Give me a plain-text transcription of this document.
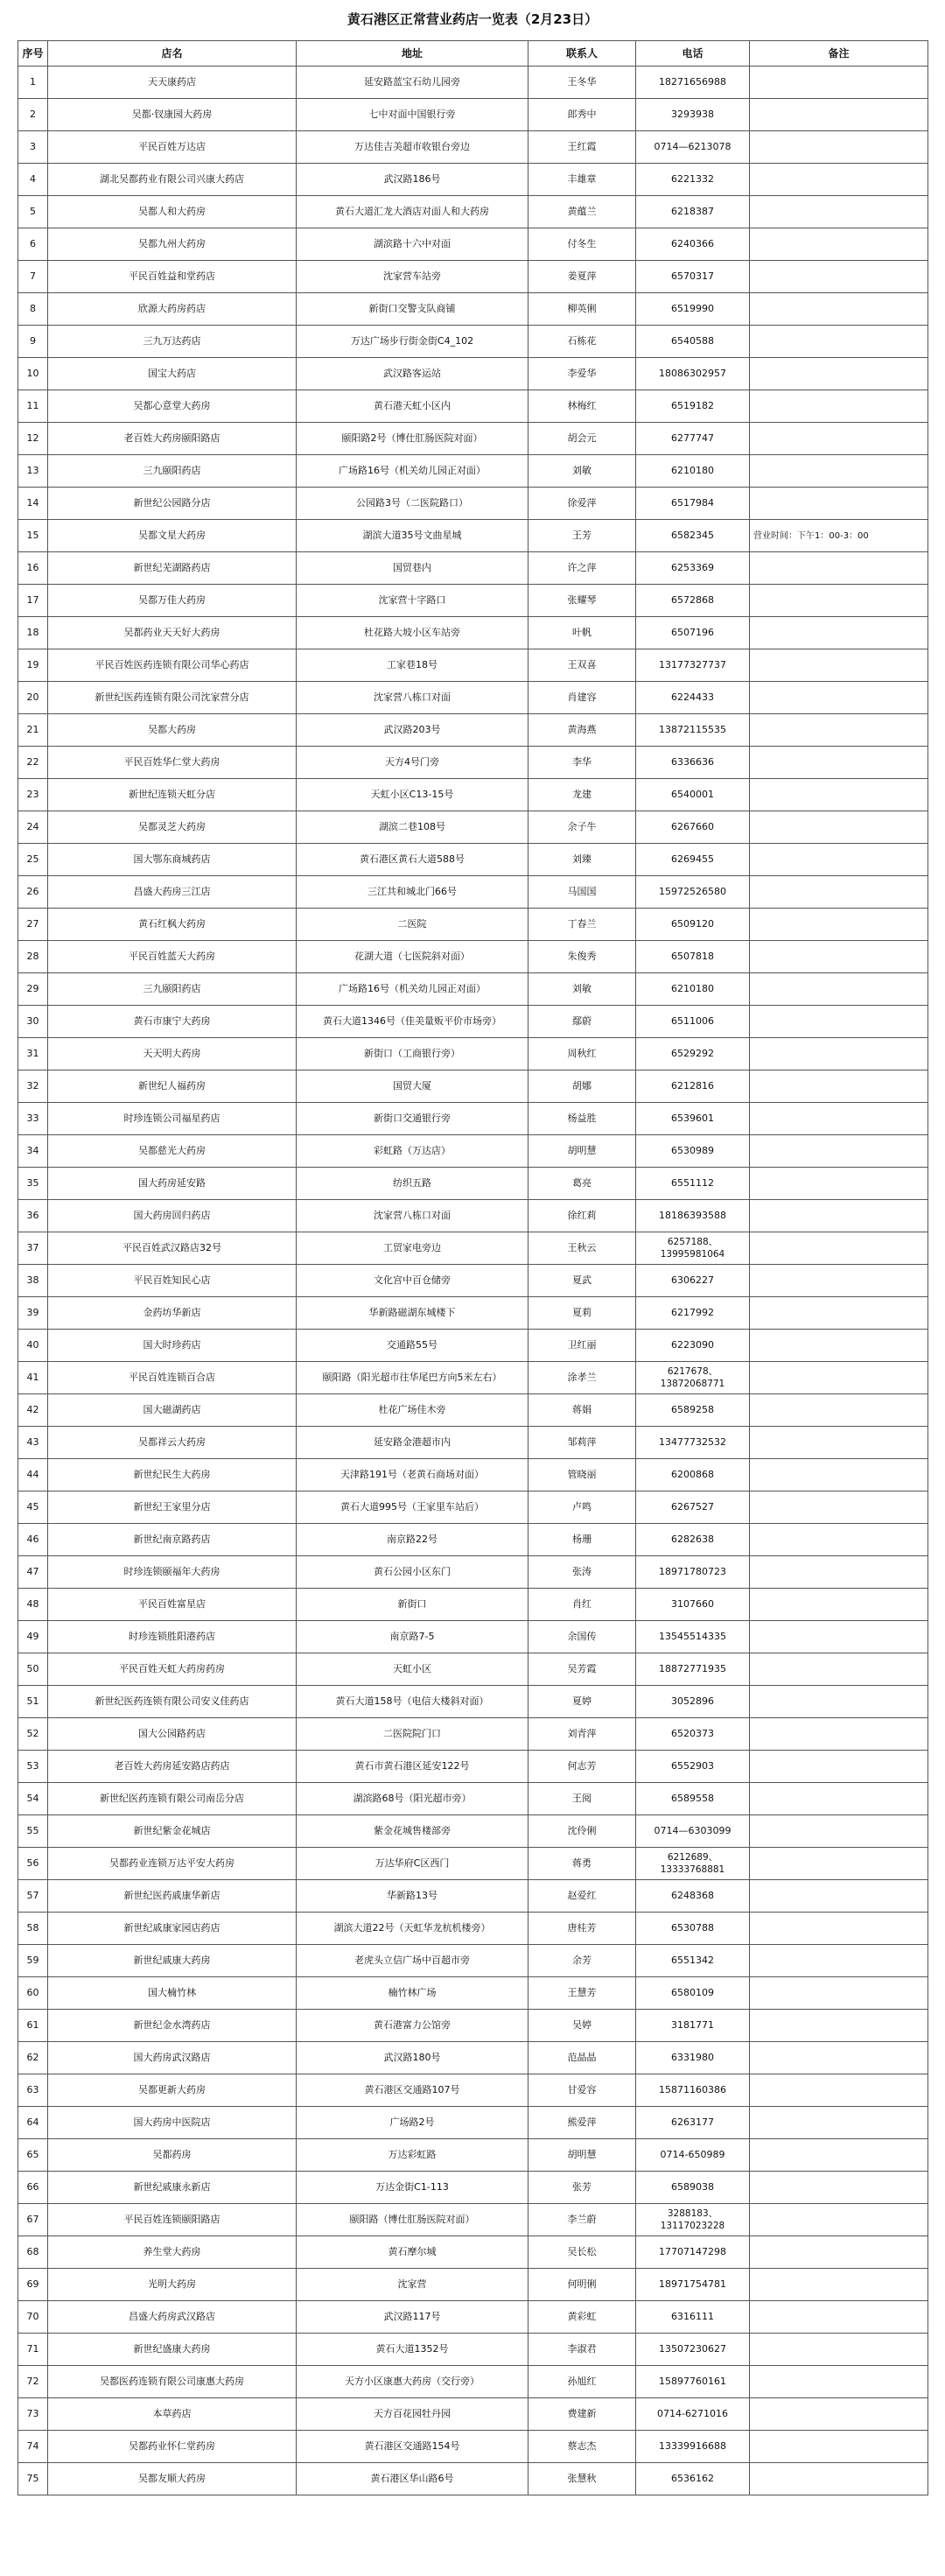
黄石港区正常营业药店一览表（2月23日）
序号	店名	地址	联系人	电话	备注
1	天天康药店	延安路蓝宝石幼儿园旁	王冬华	18271656988	
2	吴都·钗康园大药房	七中对面中国银行旁	郎秀中	3293938	
3	平民百姓万达店	万达佳吉美超市收银台旁边	王红霞	0714—6213078	
4	湖北吴都药业有限公司兴康大药店	武汉路186号	丰雄章	6221332	
5	吴都人和大药房	黄石大道汇龙大酒店对面人和大药房	黄蕴兰	6218387	
6	吴都九州大药房	湖滨路十六中对面	付冬生	6240366	
7	平民百姓益和堂药店	沈家营车站旁	姜夏萍	6570317	
8	欣源大药房药店	新街口交警支队商铺	柳英俐	6519990	
9	三九万达药店	万达广场步行街金街C4_102	石栋花	6540588	
10	国宝大药店	武汉路客运站	李爱华	18086302957	
11	吴都心意堂大药房	黄石港天虹小区内	林梅红	6519182	
12	老百姓大药房颐阳路店	颐阳路2号（博仕肛肠医院对面）	胡会元	6277747	
13	三九颐阳药店	广场路16号（机关幼儿园正对面）	刘敏	6210180	
14	新世纪公园路分店	公园路3号（二医院路口）	徐爱萍	6517984	
15	吴都文星大药房	湖滨大道35号文曲星城	王芳	6582345	营业时间：下午1：00-3：00
16	新世纪芜湖路药店	国贸巷内	许之萍	6253369	
17	吴都万佳大药房	沈家营十字路口	张耀琴	6572868	
18	吴都药业天天好大药房	杜花路大坡小区车站旁	叶帆	6507196	
19	平民百姓医药连锁有限公司华心药店	工家巷18号	王双喜	13177327737	
20	新世纪医药连锁有限公司沈家营分店	沈家营八栋口对面	肖建容	6224433	
21	吴都大药房	武汉路203号	黄海燕	13872115535	
22	平民百姓华仁堂大药房	天方4号门旁	李华	6336636	
23	新世纪连锁天虹分店	天虹小区C13-15号	龙建	6540001	
24	吴都灵芝大药房	湖滨二巷108号	余子牛	6267660	
25	国大鄂东商城药店	黄石港区黄石大道588号	刘臻	6269455	
26	昌盛大药房三江店	三江共和城北门66号	马国国	15972526580	
27	黄石红枫大药房	二医院	丁春兰	6509120	
28	平民百姓蓝天大药房	花湖大道（七医院斜对面）	朱俊秀	6507818	
29	三九颐阳药店	广场路16号（机关幼儿园正对面）	刘敏	6210180	
30	黄石市康宁大药房	黄石大道1346号（佳美量贩平价市场旁）	鄢蔚	6511006	
31	天天明大药房	新街口（工商银行旁）	周秋红	6529292	
32	新世纪人福药房	国贸大厦	胡娜	6212816	
33	时珍连锁公司福星药店	新街口交通银行旁	杨益胜	6539601	
34	吴都慈光大药房	彩虹路（万达店）	胡明慧	6530989	
35	国大药房延安路	纺织五路	葛亮	6551112	
36	国大药房回归药店	沈家营八栋口对面	徐红莉	18186393588	
37	平民百姓武汉路店32号	工贸家电旁边	王秋云	6257188、13995981064	
38	平民百姓知民心店	文化宫中百仓储旁	夏武	6306227	
39	金药坊华新店	华新路磁湖东城楼下	夏莉	6217992	
40	国大时珍药店	交通路55号	卫红丽	6223090	
41	平民百姓连锁百合店	颐阳路（阳光超市往华尾巴方向5米左右）	涂孝兰	6217678、13872068771	
42	国大磁湖药店	杜花广场佳木旁	蒋娟	6589258	
43	吴都祥云大药房	延安路金港超市内	邹莉萍	13477732532	
44	新世纪民生大药房	天津路191号（老黄石商场对面）	管晓丽	6200868	
45	新世纪王家里分店	黄石大道995号（王家里车站后）	卢鸣	6267527	
46	新世纪南京路药店	南京路22号	杨珊	6282638	
47	时珍连锁颐福年大药房	黄石公园小区东门	张涛	18971780723	
48	平民百姓富星店	新街口	肖红	3107660	
49	时珍连锁胜阳港药店	南京路7-5	余国传	13545514335	
50	平民百姓天虹大药房药房	天虹小区	吴芳霞	18872771935	
51	新世纪医药连锁有限公司安义佳药店	黄石大道158号（电信大楼斜对面）	夏婷	3052896	
52	国大公园路药店	二医院院门口	刘青萍	6520373	
53	老百姓大药房延安路店药店	黄石市黄石港区延安122号	何志芳	6552903	
54	新世纪医药连锁有限公司南岳分店	湖滨路68号（阳光超市旁）	王阅	6589558	
55	新世纪紫金花城店	紫金花城售楼部旁	沈伶俐	0714—6303099	
56	吴都药业连锁万达平安大药房	万达华府C区西门	蒋勇	6212689、13333768881	
57	新世纪医药戚康华新店	华新路13号	赵爱红	6248368	
58	新世纪戚康家园店药店	湖滨大道22号（天虹华龙杭机楼旁）	唐桂芳	6530788	
59	新世纪戚康大药房	老虎头立信广场中百超市旁	余芳	6551342	
60	国大楠竹林	楠竹林广场	王慧芳	6580109	
61	新世纪金水湾药店	黄石港富力公馆旁	吴婷	3181771	
62	国大药房武汉路店	武汉路180号	范晶晶	6331980	
63	吴都更新大药房	黄石港区交通路107号	甘爱容	15871160386	
64	国大药房中医院店	广场路2号	熊爱萍	6263177	
65	吴都药房	万达彩虹路	胡明慧	0714-650989	
66	新世纪戚康永新店	万达金街C1-113	张芳	6589038	
67	平民百姓连锁颐阳路店	颐阳路（博仕肛肠医院对面）	李兰蔚	3288183、13117023228	
68	养生堂大药房	黄石摩尔城	吴长松	17707147298	
69	光明大药房	沈家营	何明俐	18971754781	
70	昌盛大药房武汉路店	武汉路117号	黄彩虹	6316111	
71	新世纪盛康大药房	黄石大道1352号	李淑君	13507230627	
72	吴都医药连锁有限公司康惠大药房	天方小区康惠大药房（交行旁）	孙旭红	15897760161	
73	本草药店	天方百花园牡丹园	费建新	0714-6271016	
74	吴都药业怀仁堂药房	黄石港区交通路154号	蔡志杰	13339916688	
75	吴都友顺大药房	黄石港区华山路6号	张慧秋	6536162	
